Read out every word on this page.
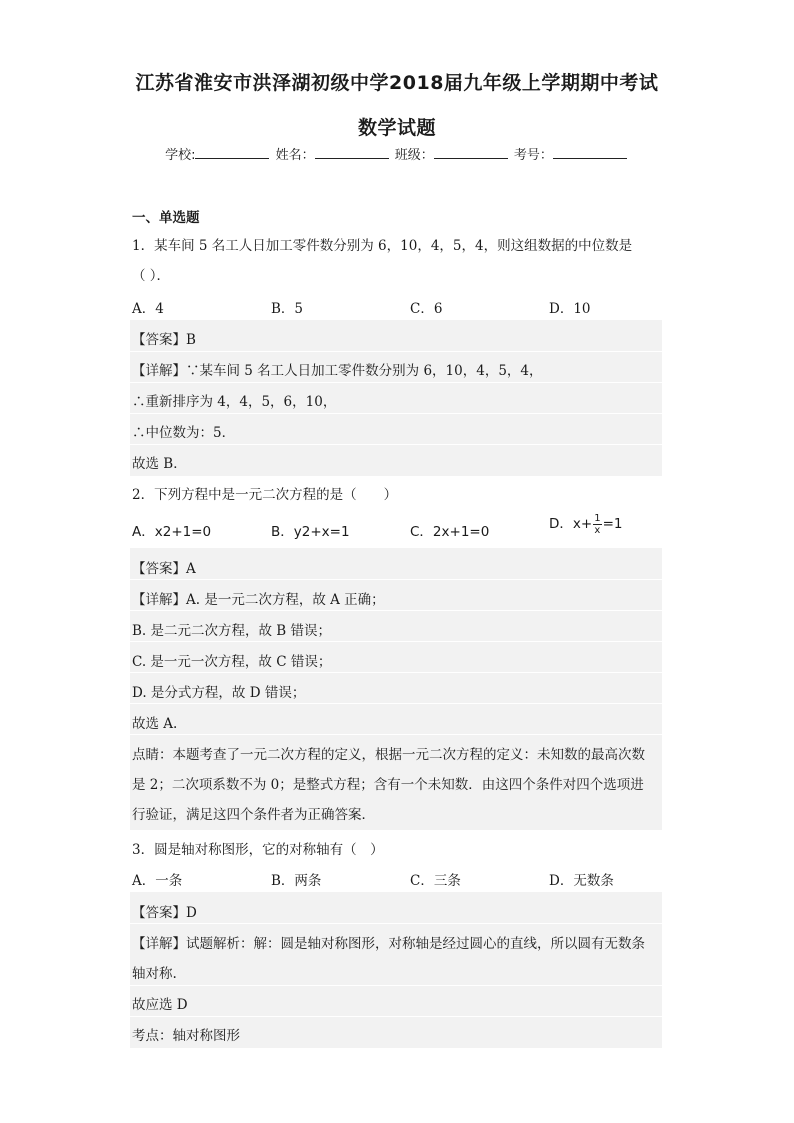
江苏省淮安市洪泽湖初级中学2018届九年级上学期期中考试
数学试题
学校:	姓名：	班级：	考号：
一、单选题
1．某车间 5 名工人日加工零件数分别为 6，10，4，5，4，则这组数据的中位数是
（ ）．
A．4	B．5	C．6	D．10
【答案】B
【详解】∵某车间 5 名工人日加工零件数分别为 6，10，4，5，4，
∴重新排序为 4，4，5，6，10，
∴中位数为：5．
故选 B．
2．下列方程中是一元二次方程的是（　　）
A．x2+1=0	B．y2+x=1	C．2x+1=0	D．$x+ \frac{1}{x} =1$
【答案】A
【详解】A. 是一元二次方程，故 A 正确；
B. 是二元二次方程，故 B 错误；
C. 是一元一次方程，故 C 错误；
D. 是分式方程，故 D 错误；
故选 A.
点睛：本题考查了一元二次方程的定义，根据一元二次方程的定义：未知数的最高次数
是 2；二次项系数不为 0；是整式方程；含有一个未知数．由这四个条件对四个选项进
行验证，满足这四个条件者为正确答案．
3．圆是轴对称图形，它的对称轴有（　）
A．一条	B．两条	C．三条	D．无数条
【答案】D
【详解】试题解析：解：圆是轴对称图形，对称轴是经过圆心的直线，所以圆有无数条
轴对称.
故应选 D
考点：轴对称图形
